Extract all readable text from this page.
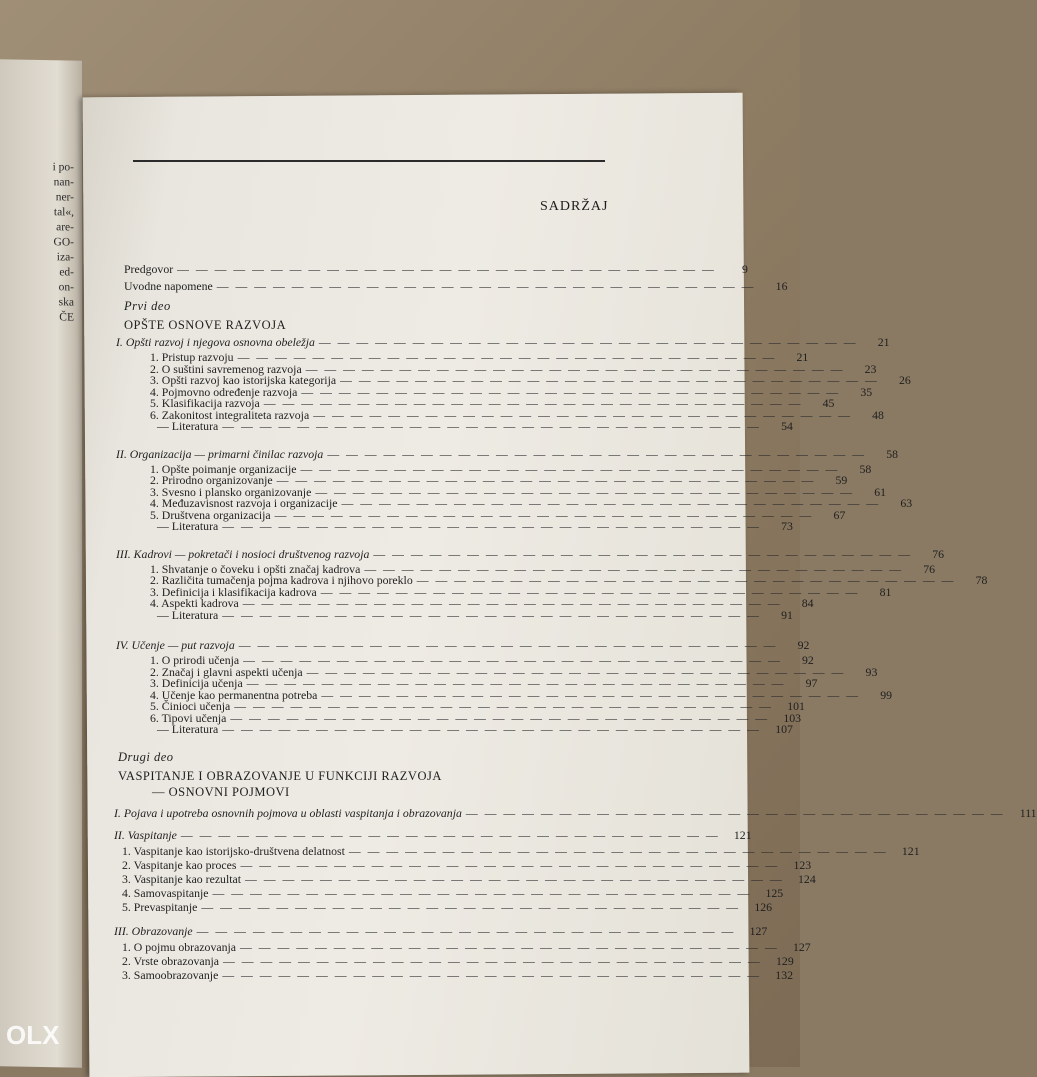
i po-
nan-
ner-
tal«,
are-
GO-
iza-
ed-
on-
ska
ČE
SADRŽAJ
Predgovor — — — — — — — — — — — — — — — — — — — — — — — — — — — — —	9
Uvodne napomene — — — — — — — — — — — — — — — — — — — — — — — — — — — — —	16
Prvi deo
OPŠTE OSNOVE RAZVOJA
I. Opšti razvoj i njegova osnovna obeležja — — — — — — — — — — — — — — — — — — — — — — — — — — — — —	21
1. Pristup razvoju — — — — — — — — — — — — — — — — — — — — — — — — — — — — —	21
2. O suštini savremenog razvoja — — — — — — — — — — — — — — — — — — — — — — — — — — — — —	23
3. Opšti razvoj kao istorijska kategorija — — — — — — — — — — — — — — — — — — — — — — — — — — — — —	26
4. Pojmovno određenje razvoja — — — — — — — — — — — — — — — — — — — — — — — — — — — — —	35
5. Klasifikacija razvoja — — — — — — — — — — — — — — — — — — — — — — — — — — — — —	45
6. Zakonitost integraliteta razvoja — — — — — — — — — — — — — — — — — — — — — — — — — — — — —	48
— Literatura — — — — — — — — — — — — — — — — — — — — — — — — — — — — —	54
II. Organizacija — primarni činilac razvoja — — — — — — — — — — — — — — — — — — — — — — — — — — — — —	58
1. Opšte poimanje organizacije — — — — — — — — — — — — — — — — — — — — — — — — — — — — —	58
2. Prirodno organizovanje — — — — — — — — — — — — — — — — — — — — — — — — — — — — —	59
3. Svesno i plansko organizovanje — — — — — — — — — — — — — — — — — — — — — — — — — — — — —	61
4. Međuzavisnost razvoja i organizacije — — — — — — — — — — — — — — — — — — — — — — — — — — — — —	63
5. Društvena organizacija — — — — — — — — — — — — — — — — — — — — — — — — — — — — —	67
— Literatura — — — — — — — — — — — — — — — — — — — — — — — — — — — — —	73
III. Kadrovi — pokretači i nosioci društvenog razvoja — — — — — — — — — — — — — — — — — — — — — — — — — — — — —	76
1. Shvatanje o čoveku i opšti značaj kadrova — — — — — — — — — — — — — — — — — — — — — — — — — — — — —	76
2. Različita tumačenja pojma kadrova i njihovo poreklo — — — — — — — — — — — — — — — — — — — — — — — — — — — — —	78
3. Definicija i klasifikacija kadrova — — — — — — — — — — — — — — — — — — — — — — — — — — — — —	81
4. Aspekti kadrova — — — — — — — — — — — — — — — — — — — — — — — — — — — — —	84
— Literatura — — — — — — — — — — — — — — — — — — — — — — — — — — — — —	91
IV. Učenje — put razvoja — — — — — — — — — — — — — — — — — — — — — — — — — — — — —	92
1. O prirodi učenja — — — — — — — — — — — — — — — — — — — — — — — — — — — — —	92
2. Značaj i glavni aspekti učenja — — — — — — — — — — — — — — — — — — — — — — — — — — — — —	93
3. Definicija učenja — — — — — — — — — — — — — — — — — — — — — — — — — — — — —	97
4. Učenje kao permanentna potreba — — — — — — — — — — — — — — — — — — — — — — — — — — — — —	99
5. Činioci učenja — — — — — — — — — — — — — — — — — — — — — — — — — — — — —	101
6. Tipovi učenja — — — — — — — — — — — — — — — — — — — — — — — — — — — — —	103
— Literatura — — — — — — — — — — — — — — — — — — — — — — — — — — — — —	107
Drugi deo
VASPITANJE I OBRAZOVANJE U FUNKCIJI RAZVOJA
— OSNOVNI POJMOVI
I. Pojava i upotreba osnovnih pojmova u oblasti vaspitanja i obrazovanja — — — — — — — — — — — — — — — — — — — — — — — — — — — — —	111
II. Vaspitanje — — — — — — — — — — — — — — — — — — — — — — — — — — — — —	121
1. Vaspitanje kao istorijsko-društvena delatnost — — — — — — — — — — — — — — — — — — — — — — — — — — — — —	121
2. Vaspitanje kao proces — — — — — — — — — — — — — — — — — — — — — — — — — — — — —	123
3. Vaspitanje kao rezultat — — — — — — — — — — — — — — — — — — — — — — — — — — — — —	124
4. Samovaspitanje — — — — — — — — — — — — — — — — — — — — — — — — — — — — —	125
5. Prevaspitanje — — — — — — — — — — — — — — — — — — — — — — — — — — — — —	126
III. Obrazovanje — — — — — — — — — — — — — — — — — — — — — — — — — — — — —	127
1. O pojmu obrazovanja — — — — — — — — — — — — — — — — — — — — — — — — — — — — —	127
2. Vrste obrazovanja — — — — — — — — — — — — — — — — — — — — — — — — — — — — —	129
3. Samoobrazovanje — — — — — — — — — — — — — — — — — — — — — — — — — — — — —	132
OLX
